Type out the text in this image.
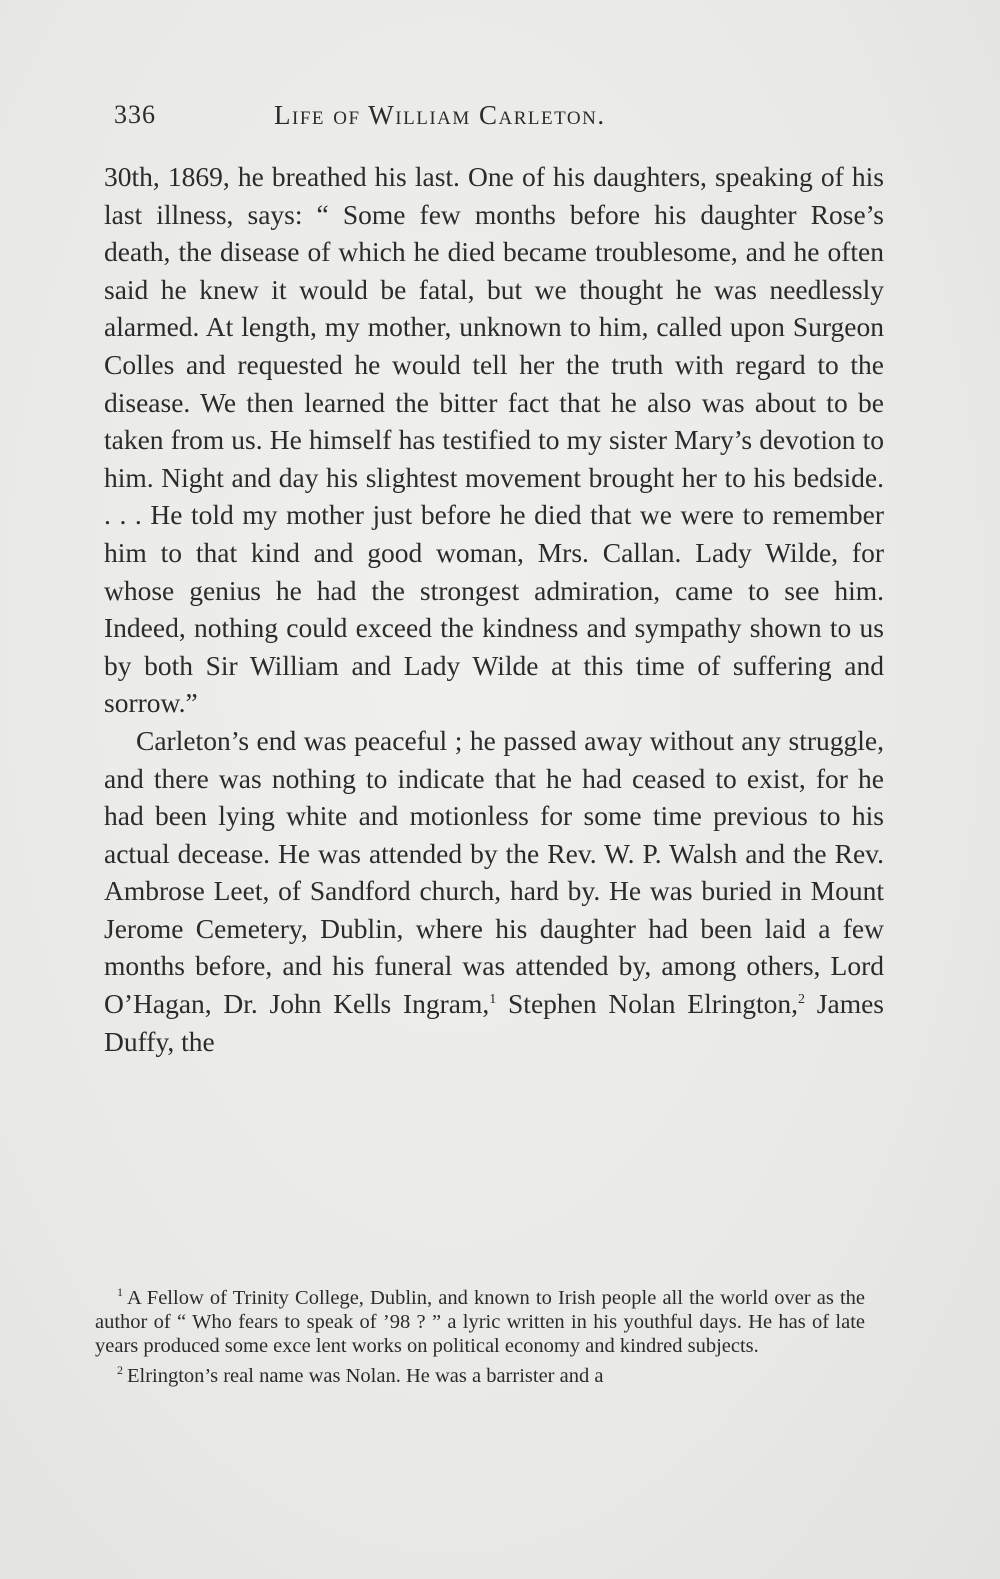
336	Life of William Carleton.

30th, 1869, he breathed his last. One of his daughters, speaking of his last illness, says: “ Some few months before his daughter Rose’s death, the disease of which he died became troublesome, and he often said he knew it would be fatal, but we thought he was needlessly alarmed. At length, my mother, unknown to him, called upon Surgeon Colles and requested he would tell her the truth with regard to the disease. We then learned the bitter fact that he also was about to be taken from us. He himself has testified to my sister Mary’s devotion to him. Night and day his slightest movement brought her to his bedside. . . . He told my mother just before he died that we were to remember him to that kind and good woman, Mrs. Callan. Lady Wilde, for whose genius he had the strongest admiration, came to see him. Indeed, nothing could exceed the kindness and sympathy shown to us by both Sir William and Lady Wilde at this time of suffering and sorrow.”

Carleton’s end was peaceful ; he passed away without any struggle, and there was nothing to indicate that he had ceased to exist, for he had been lying white and motionless for some time previous to his actual decease. He was attended by the Rev. W. P. Walsh and the Rev. Ambrose Leet, of Sandford church, hard by. He was buried in Mount Jerome Cemetery, Dublin, where his daughter had been laid a few months before, and his funeral was attended by, among others, Lord O’Hagan, Dr. John Kells Ingram,$^1$ Stephen Nolan Elrington,$^2$ James Duffy, the

$^1$ A Fellow of Trinity College, Dublin, and known to Irish people all the world over as the author of “ Who fears to speak of ’98 ? ” a lyric written in his youthful days. He has of late years produced some exce lent works on political economy and kindred subjects.

$^2$ Elrington’s real name was Nolan. He was a barrister and a
